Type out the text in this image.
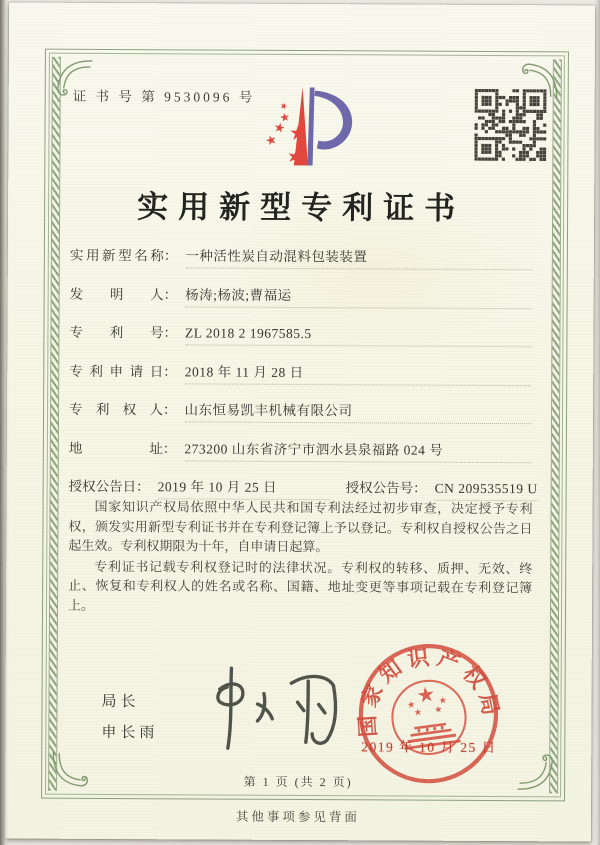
证 书 号 第 9530096 号
实用新型专利证书
实用新型名称 ： 一种活性炭自动混料包装装置
发明人 ： 杨涛;杨波;曹福运
专利号 ： ZL 2018 2 1967585.5
专利申请日 ： 2018 年 11 月 28 日
专利权人 ： 山东恒易凯丰机械有限公司
地址 ： 273200 山东省济宁市泗水县泉福路 024 号
授权公告日 ： 2019 年 10 月 25 日	授权公告号 ： CN 209535519 U

国家知识产权局依照中华人民共和国专利法经过初步审查，决定授予专利权，颁发实用新型专利证书并在专利登记簿上予以登记。专利权自授权公告之日起生效。专利权期限为十年，自申请日起算。

专利证书记载专利权登记时的法律状况。专利权的转移、质押、无效、终止、恢复和专利权人的姓名或名称、国籍、地址变更等事项记载在专利登记簿上。

局长
申长雨	国家知识产权局
2019 年 10 月 25 日
第 1 页 (共 2 页)
其他事项参见背面
